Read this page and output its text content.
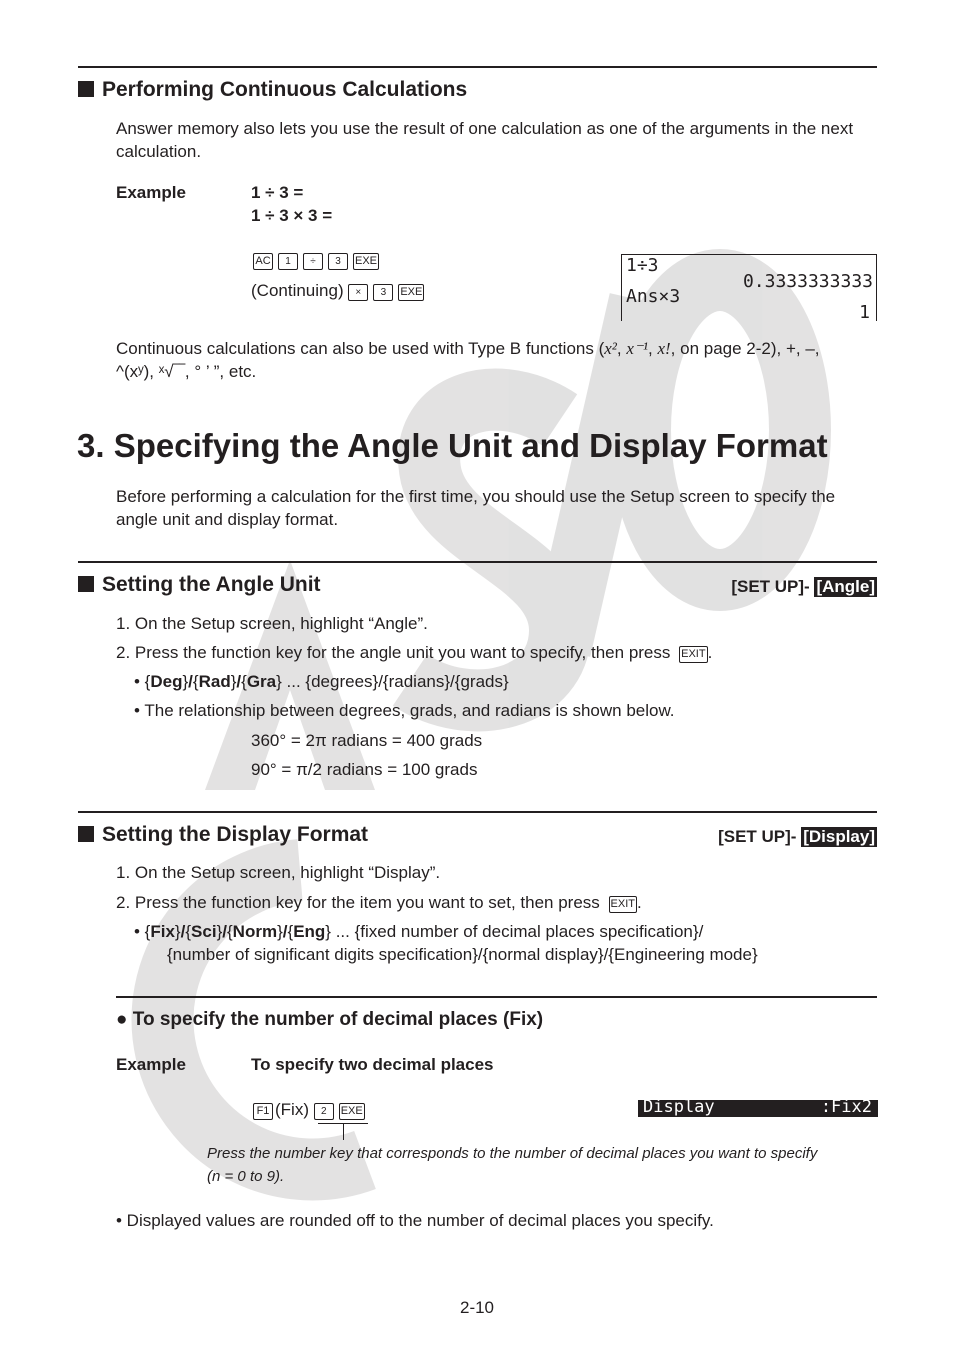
Performing Continuous Calculations
Answer memory also lets you use the result of one calculation as one of the arguments in the next calculation.
Example	1 ÷ 3 =
1 ÷ 3 × 3 =
AC 1 ÷ 3 EXE
(Continuing) × 3 EXE
1÷3
0.3333333333
Ans×3
1
Continuous calculations can also be used with Type B functions (x², x⁻¹, x!, on page 2-2), +, –,
^(xʸ), ˣ√‾‾, ° ’ ”, etc.
3. Specifying the Angle Unit and Display Format
Before performing a calculation for the first time, you should use the Setup screen to specify the angle unit and display format.
Setting the Angle Unit	[SET UP]- [Angle]
1. On the Setup screen, highlight “Angle”.
2. Press the function key for the angle unit you want to specify, then press EXIT .
• {Deg}/{Rad}/{Gra} ... {degrees}/{radians}/{grads}
• The relationship between degrees, grads, and radians is shown below.
360° = 2π radians = 400 grads
90° = π/2 radians = 100 grads
Setting the Display Format	[SET UP]- [Display]
1. On the Setup screen, highlight “Display”.
2. Press the function key for the item you want to set, then press EXIT .
• {Fix}/{Sci}/{Norm}/{Eng} ... {fixed number of decimal places specification}/
{number of significant digits specification}/{normal display}/{Engineering mode}
● To specify the number of decimal places (Fix)
Example	To specify two decimal places
F1 (Fix) 2 EXE	Display	:Fix2
Press the number key that corresponds to the number of decimal places you want to specify
(n = 0 to 9).
• Displayed values are rounded off to the number of decimal places you specify.
2-10
